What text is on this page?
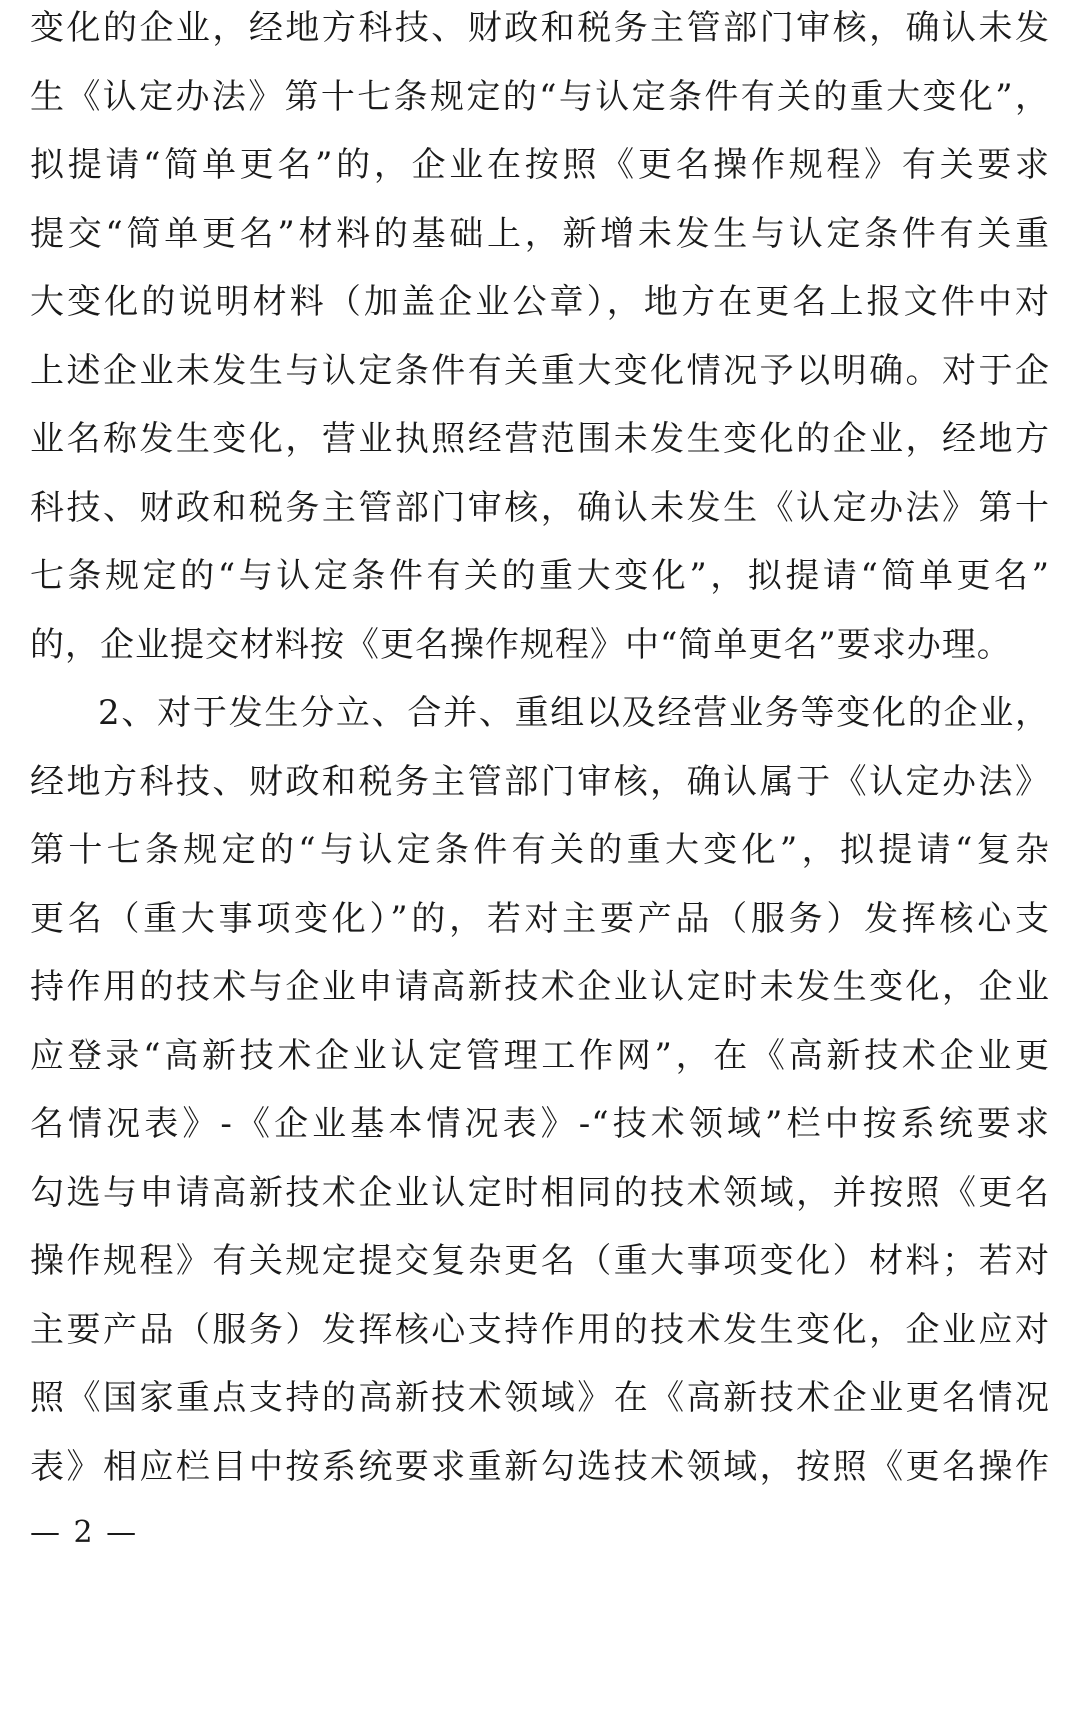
变化的企业，经地方科技、财政和税务主管部门审核，确认未发
生《认定办法》第十七条规定的“与认定条件有关的重大变化”，
拟提请“简单更名”的，企业在按照《更名操作规程》有关要求
提交“简单更名”材料的基础上，新增未发生与认定条件有关重
大变化的说明材料（加盖企业公章），地方在更名上报文件中对
上述企业未发生与认定条件有关重大变化情况予以明确。对于企
业名称发生变化，营业执照经营范围未发生变化的企业，经地方
科技、财政和税务主管部门审核，确认未发生《认定办法》第十
七条规定的“与认定条件有关的重大变化”，拟提请“简单更名”
的，企业提交材料按《更名操作规程》中“简单更名”要求办理。
2、对于发生分立、合并、重组以及经营业务等变化的企业，
经地方科技、财政和税务主管部门审核，确认属于《认定办法》
第十七条规定的“与认定条件有关的重大变化”，拟提请“复杂
更名（重大事项变化）”的，若对主要产品（服务）发挥核心支
持作用的技术与企业申请高新技术企业认定时未发生变化，企业
应登录“高新技术企业认定管理工作网”，在《高新技术企业更
名情况表》-《企业基本情况表》-“技术领域”栏中按系统要求
勾选与申请高新技术企业认定时相同的技术领域，并按照《更名
操作规程》有关规定提交复杂更名（重大事项变化）材料；若对
主要产品（服务）发挥核心支持作用的技术发生变化，企业应对
照《国家重点支持的高新技术领域》在《高新技术企业更名情况
表》相应栏目中按系统要求重新勾选技术领域，按照《更名操作
— 2 —
